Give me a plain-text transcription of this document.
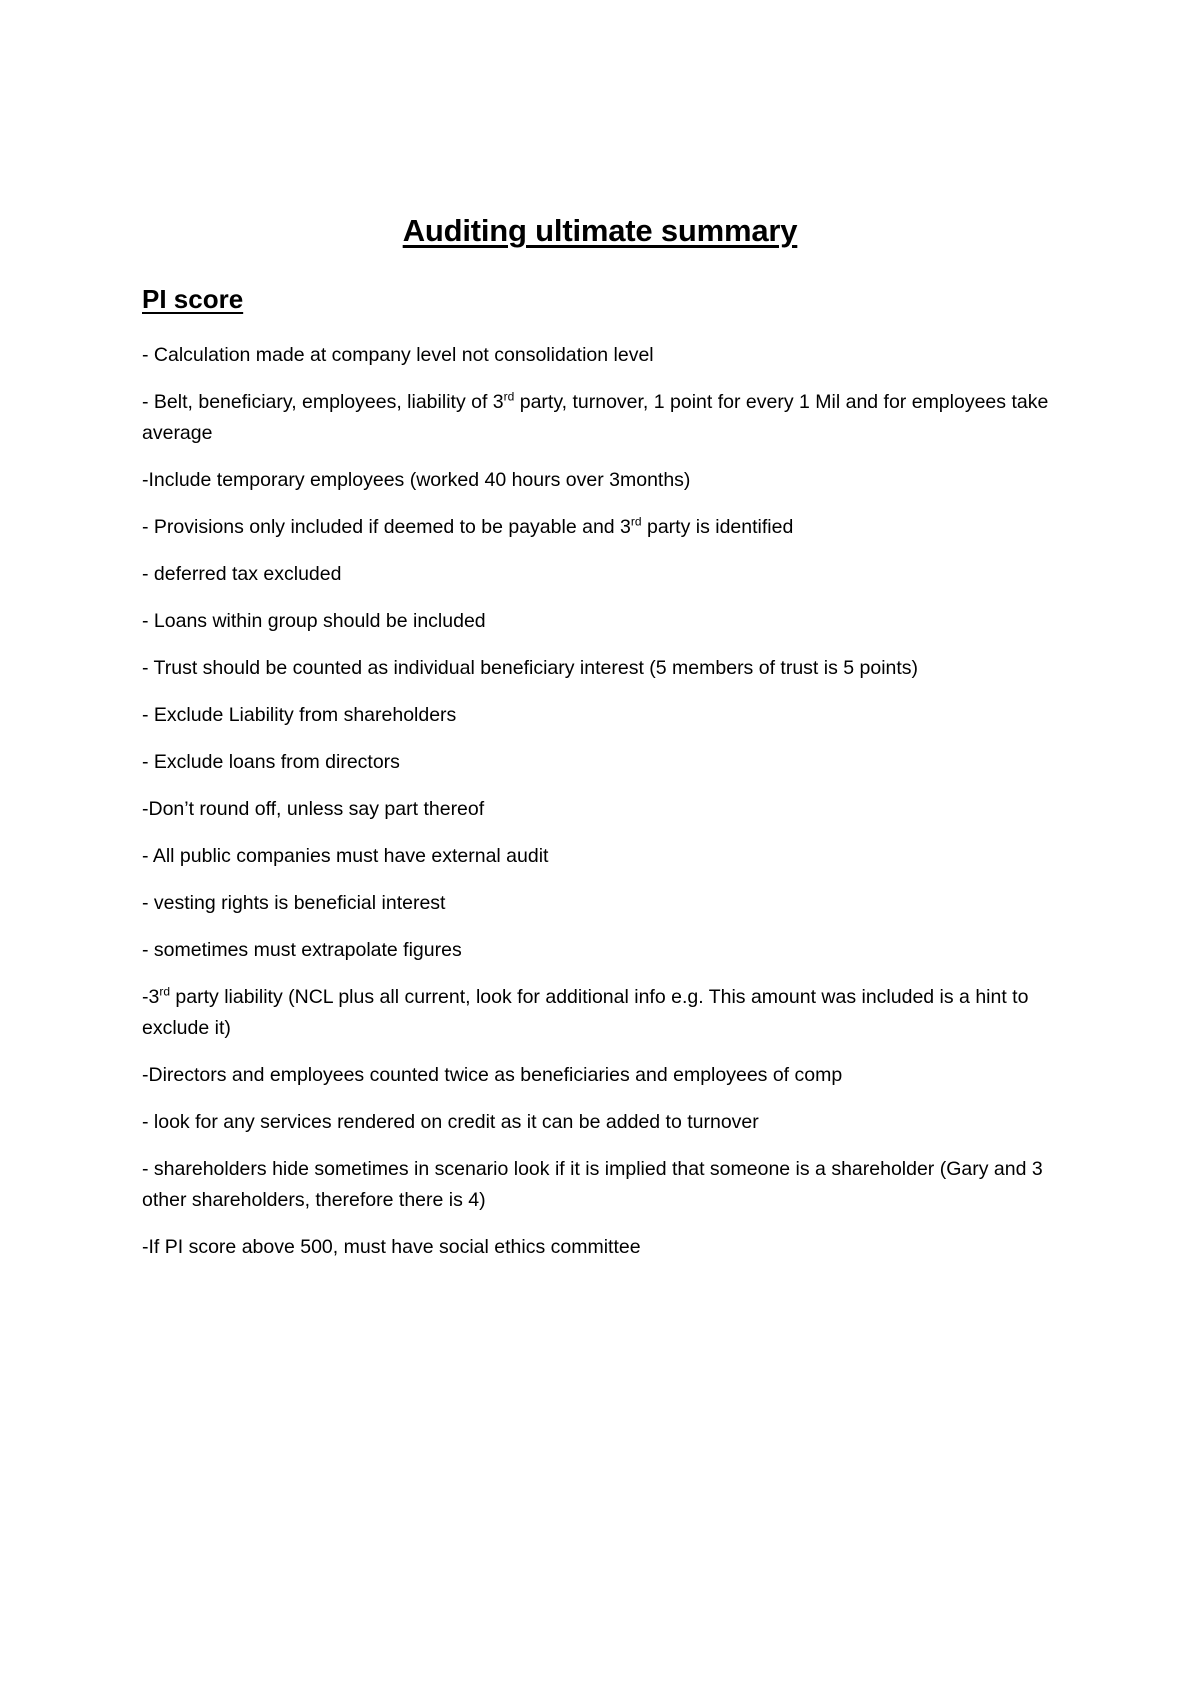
Auditing ultimate summary
PI score
- Calculation made at company level not consolidation level
- Belt, beneficiary, employees, liability of 3rd party, turnover, 1 point for every 1 Mil and for employees take average
-Include temporary employees (worked 40 hours over 3months)
- Provisions only included if deemed to be payable and 3rd party is identified
- deferred tax excluded
- Loans within group should be included
- Trust should be counted as individual beneficiary interest (5 members of trust is 5 points)
- Exclude Liability from shareholders
- Exclude loans from directors
-Don’t round off, unless say part thereof
- All public companies must have external audit
- vesting rights is beneficial interest
- sometimes must extrapolate figures
-3rd party liability (NCL plus all current, look for additional info e.g. This amount was included is a hint to exclude it)
-Directors and employees counted twice as beneficiaries and employees of comp
- look for any services rendered on credit as it can be added to turnover
- shareholders hide sometimes in scenario look if it is implied that someone is a shareholder (Gary and 3 other shareholders, therefore there is 4)
-If PI score above 500, must have social ethics committee
